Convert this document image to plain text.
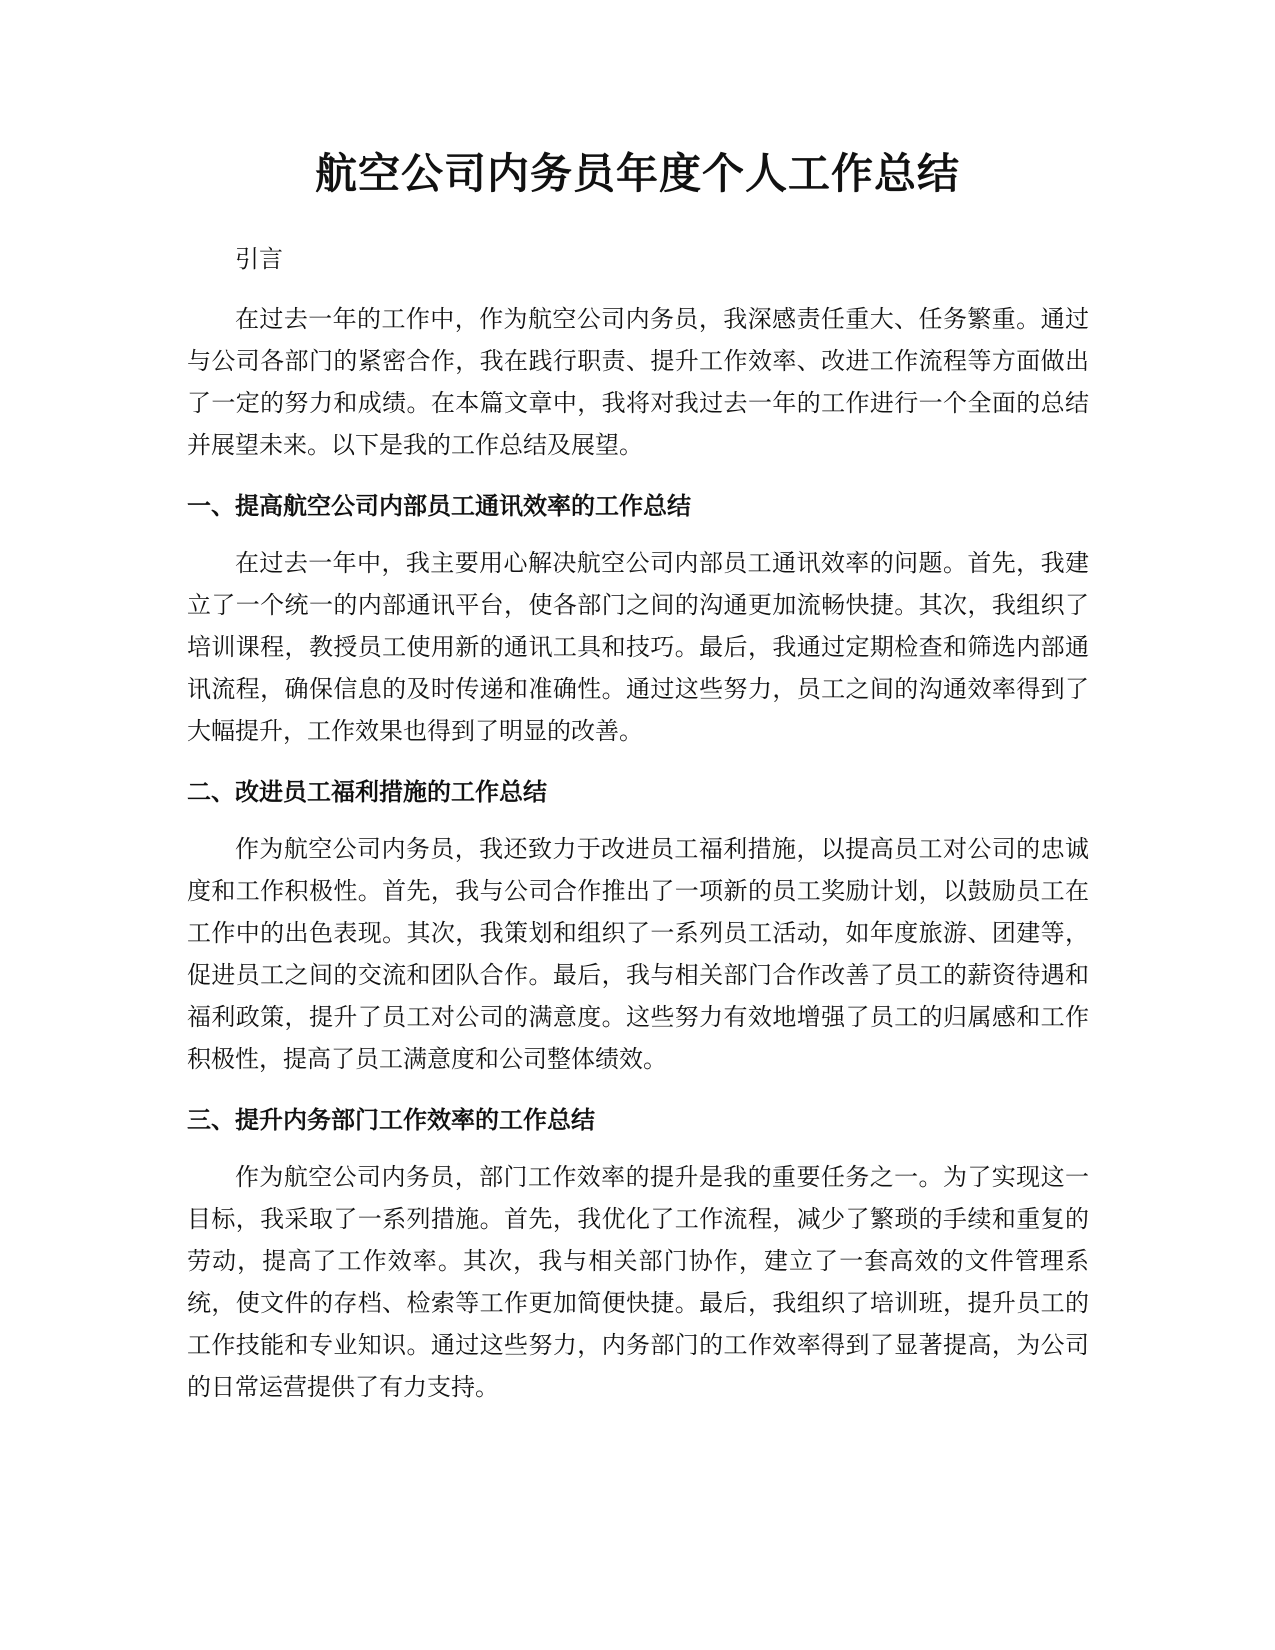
航空公司内务员年度个人工作总结

引言

在过去一年的工作中，作为航空公司内务员，我深感责任重大、任务繁重。通过与公司各部门的紧密合作，我在践行职责、提升工作效率、改进工作流程等方面做出了一定的努力和成绩。在本篇文章中，我将对我过去一年的工作进行一个全面的总结并展望未来。以下是我的工作总结及展望。

一、提高航空公司内部员工通讯效率的工作总结

在过去一年中，我主要用心解决航空公司内部员工通讯效率的问题。首先，我建立了一个统一的内部通讯平台，使各部门之间的沟通更加流畅快捷。其次，我组织了培训课程，教授员工使用新的通讯工具和技巧。最后，我通过定期检查和筛选内部通讯流程，确保信息的及时传递和准确性。通过这些努力，员工之间的沟通效率得到了大幅提升，工作效果也得到了明显的改善。

二、改进员工福利措施的工作总结

作为航空公司内务员，我还致力于改进员工福利措施，以提高员工对公司的忠诚度和工作积极性。首先，我与公司合作推出了一项新的员工奖励计划，以鼓励员工在工作中的出色表现。其次，我策划和组织了一系列员工活动，如年度旅游、团建等，促进员工之间的交流和团队合作。最后，我与相关部门合作改善了员工的薪资待遇和福利政策，提升了员工对公司的满意度。这些努力有效地增强了员工的归属感和工作积极性，提高了员工满意度和公司整体绩效。

三、提升内务部门工作效率的工作总结

作为航空公司内务员，部门工作效率的提升是我的重要任务之一。为了实现这一目标，我采取了一系列措施。首先，我优化了工作流程，减少了繁琐的手续和重复的劳动，提高了工作效率。其次，我与相关部门协作，建立了一套高效的文件管理系统，使文件的存档、检索等工作更加简便快捷。最后，我组织了培训班，提升员工的工作技能和专业知识。通过这些努力，内务部门的工作效率得到了显著提高，为公司的日常运营提供了有力支持。
